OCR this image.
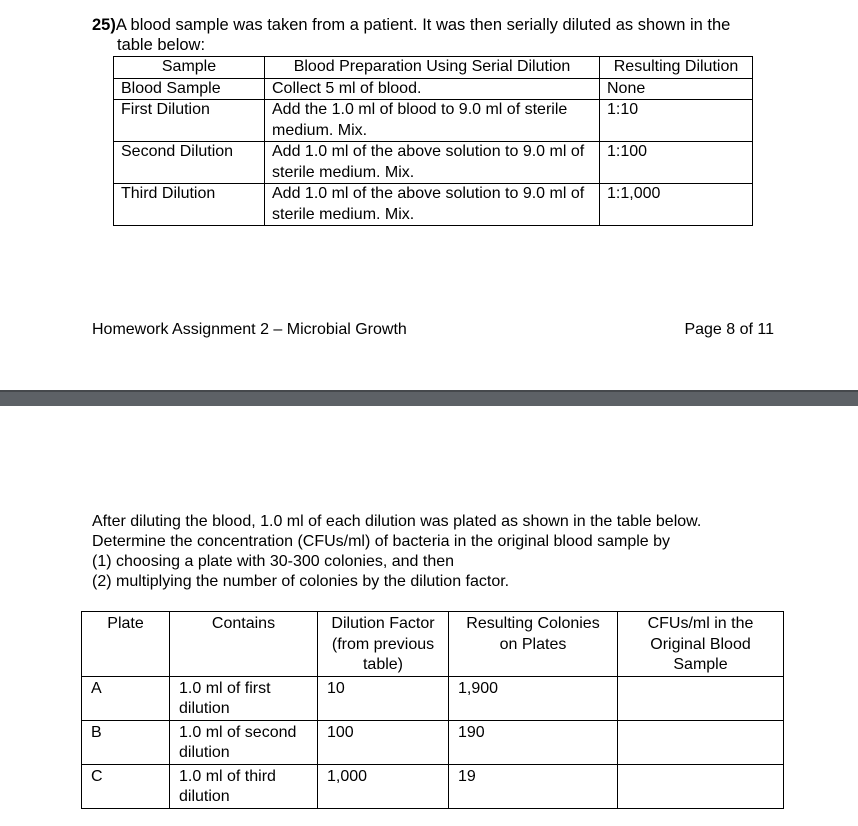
25)A blood sample was taken from a patient. It was then serially diluted as shown in the
table below:
Sample	Blood Preparation Using Serial Dilution	Resulting Dilution
Blood Sample	Collect 5 ml of blood.	None
First Dilution	Add the 1.0 ml of blood to 9.0 ml of sterile medium. Mix.	1:10
Second Dilution	Add 1.0 ml of the above solution to 9.0 ml of sterile medium. Mix.	1:100
Third Dilution	Add 1.0 ml of the above solution to 9.0 ml of sterile medium. Mix.	1:1,000
Homework Assignment 2 – Microbial Growth	Page 8 of 11
After diluting the blood, 1.0 ml of each dilution was plated as shown in the table below.
Determine the concentration (CFUs/ml) of bacteria in the original blood sample by
(1) choosing a plate with 30-300 colonies, and then
(2) multiplying the number of colonies by the dilution factor.
Plate	Contains	Dilution Factor (from previous table)	Resulting Colonies on Plates	CFUs/ml in the Original Blood Sample
A	1.0 ml of first dilution	10	1,900	
B	1.0 ml of second dilution	100	190	
C	1.0 ml of third dilution	1,000	19	
